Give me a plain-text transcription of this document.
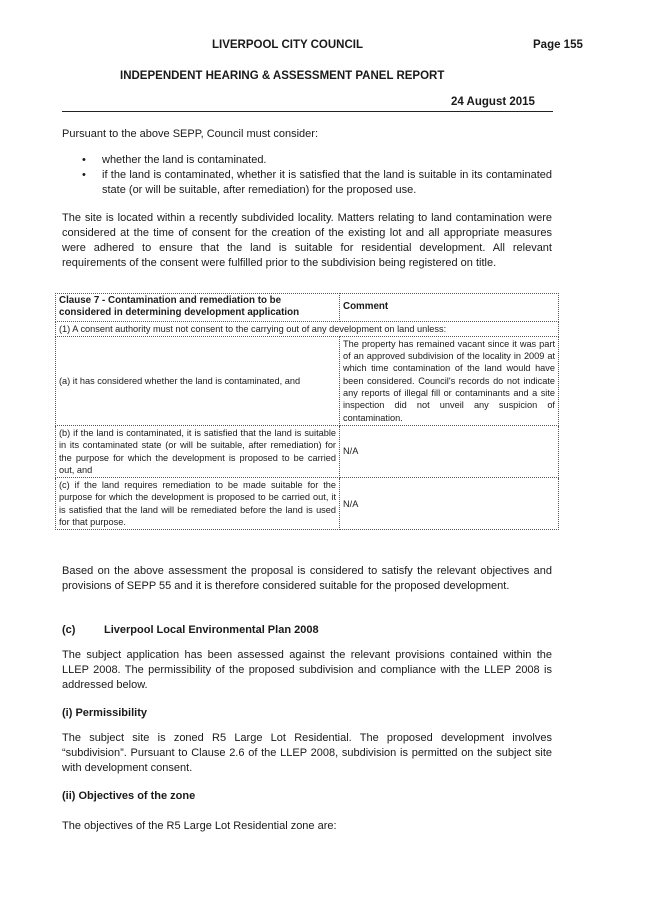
LIVERPOOL CITY COUNCIL	Page 155
INDEPENDENT HEARING & ASSESSMENT PANEL REPORT
24 August 2015
Pursuant to the above SEPP, Council must consider:
• whether the land is contaminated.
• if the land is contaminated, whether it is satisfied that the land is suitable in its contaminated state (or will be suitable, after remediation) for the proposed use.
The site is located within a recently subdivided locality. Matters relating to land contamination were considered at the time of consent for the creation of the existing lot and all appropriate measures were adhered to ensure that the land is suitable for residential development. All relevant requirements of the consent were fulfilled prior to the subdivision being registered on title.
Clause 7 - Contamination and remediation to be considered in determining development application	Comment
(1) A consent authority must not consent to the carrying out of any development on land unless:	
(a) it has considered whether the land is contaminated, and	The property has remained vacant since it was part of an approved subdivision of the locality in 2009 at which time contamination of the land would have been considered. Council's records do not indicate any reports of illegal fill or contaminants and a site inspection did not unveil any suspicion of contamination.
(b) if the land is contaminated, it is satisfied that the land is suitable in its contaminated state (or will be suitable, after remediation) for the purpose for which the development is proposed to be carried out, and	N/A
(c) if the land requires remediation to be made suitable for the purpose for which the development is proposed to be carried out, it is satisfied that the land will be remediated before the land is used for that purpose.	N/A
Based on the above assessment the proposal is considered to satisfy the relevant objectives and provisions of SEPP 55 and it is therefore considered suitable for the proposed development.
(c)	Liverpool Local Environmental Plan 2008
The subject application has been assessed against the relevant provisions contained within the LLEP 2008. The permissibility of the proposed subdivision and compliance with the LLEP 2008 is addressed below.
(i) Permissibility
The subject site is zoned R5 Large Lot Residential. The proposed development involves “subdivision”. Pursuant to Clause 2.6 of the LLEP 2008, subdivision is permitted on the subject site with development consent.
(ii) Objectives of the zone
The objectives of the R5 Large Lot Residential zone are:
